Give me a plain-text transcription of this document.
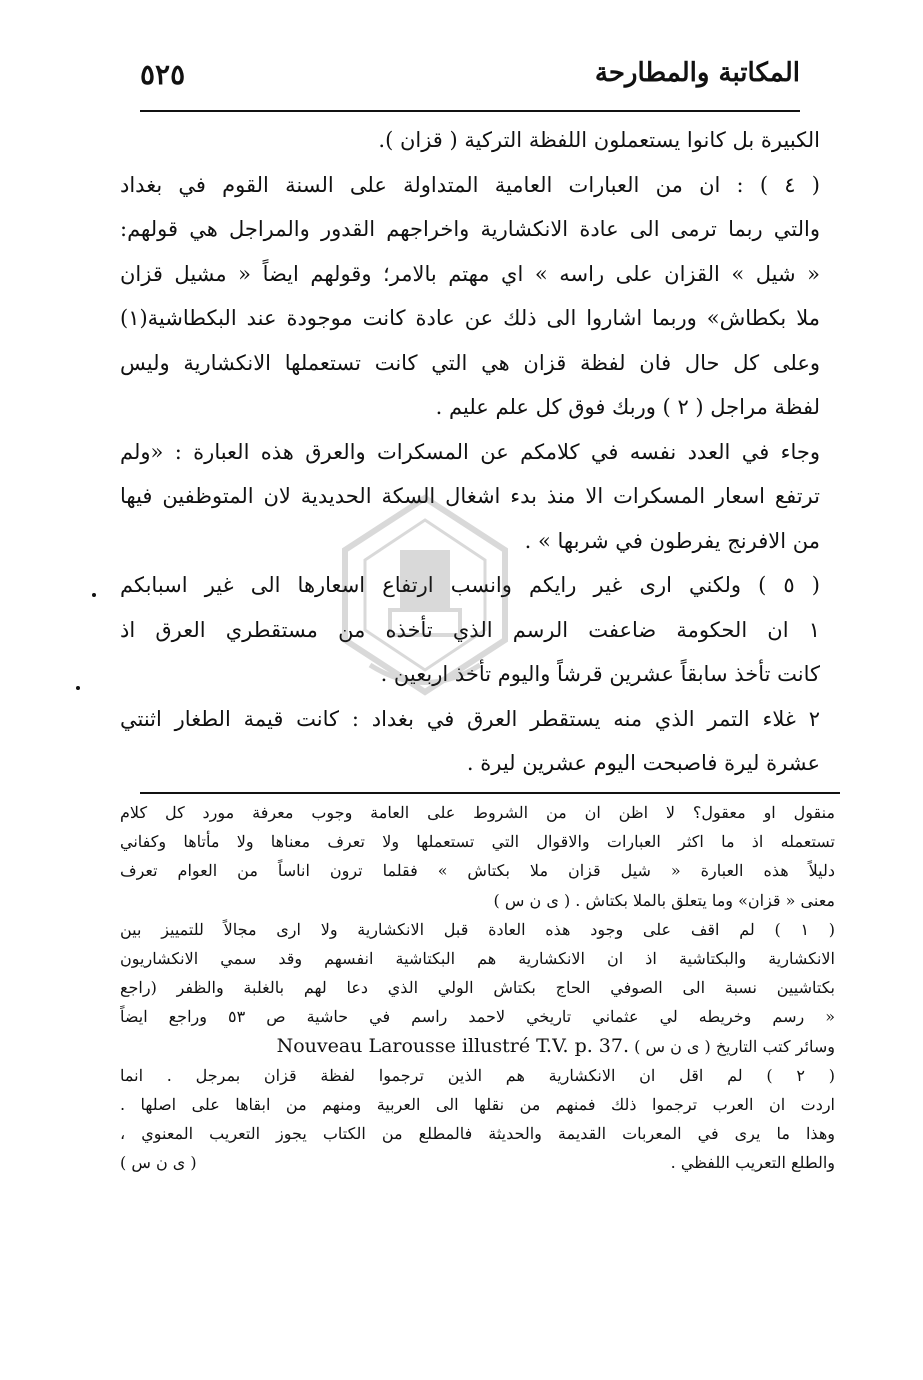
المكاتبة والمطارحة
٥٢٥
الكبيرة بل كانوا يستعملون اللفظة التركية ( قزان ).
( ٤ ) : ان من العبارات العامية المتداولة على السنة القوم في بغداد
والتي ربما ترمى الى عادة الانكشارية واخراجهم القدور والمراجل هي قولهم:
« شيل » القزان على راسه » اي مهتم بالامر؛ وقولهم ايضاً « مشيل قزان
ملا بكطاش» وربما اشاروا الى ذلك عن عادة كانت موجودة عند البكطاشية(١)
وعلى كل حال فان لفظة قزان هي التي كانت تستعملها الانكشارية وليس
لفظة مراجل ( ٢ ) وربك فوق كل علم عليم .
وجاء في العدد نفسه في كلامكم عن المسكرات والعرق هذه العبارة : «ولم
ترتفع اسعار المسكرات الا منذ بدء اشغال السكة الحديدية لان المتوظفين فيها
من الافرنج يفرطون في شربها » .
( ٥ ) ولكني ارى غير رايكم وانسب ارتفاع اسعارها الى غير اسبابكم
١ ان الحكومة ضاعفت الرسم الذي تأخذه من مستقطري العرق اذ
كانت تأخذ سابقاً عشرين قرشاً واليوم تأخذ اربعين .
٢ غلاء التمر الذي منه يستقطر العرق في بغداد : كانت قيمة الطغار اثنتي
عشرة ليرة فاصبحت اليوم عشرين ليرة .
منقول او معقول؟ لا اظن ان من الشروط على العامة وجوب معرفة مورد كل كلام
تستعمله اذ ما اكثر العبارات والاقوال التي تستعملها ولا تعرف معناها ولا مأتاها وكفاني
دليلاً هذه العبارة « شيل قزان ملا بكتاش » فقلما ترون اناساً من العوام تعرف
معنى « قزان» وما يتعلق بالملا بكتاش . ( ى ن س )
( ١ ) لم اقف على وجود هذه العادة قبل الانكشارية ولا ارى مجالاً للتمييز بين
الانكشارية والبكتاشية اذ ان الانكشارية هم البكتاشية انفسهم وقد سمي الانكشاريون
بكتاشيين نسبة الى الصوفي الحاج بكتاش الولي الذي دعا لهم بالغلبة والظفر (راجع
« رسم وخريطه لي عثماني تاريخي لاحمد راسم في حاشية ص ٥٣ وراجع ايضاً
وسائر كتب التاريخ ( ى ن س ) Nouveau Larousse illustré T.V. p. 37.
( ٢ ) لم اقل ان الانكشارية هم الذين ترجموا لفظة قزان بمرجل . انما
اردت ان العرب ترجموا ذلك فمنهم من نقلها الى العربية ومنهم من ابقاها على اصلها .
وهذا ما يرى في المعربات القديمة والحديثة فالمطلع من الكتاب يجوز التعريب المعنوي ،
والطلع التعريب اللفظي .
( ى ن س )
